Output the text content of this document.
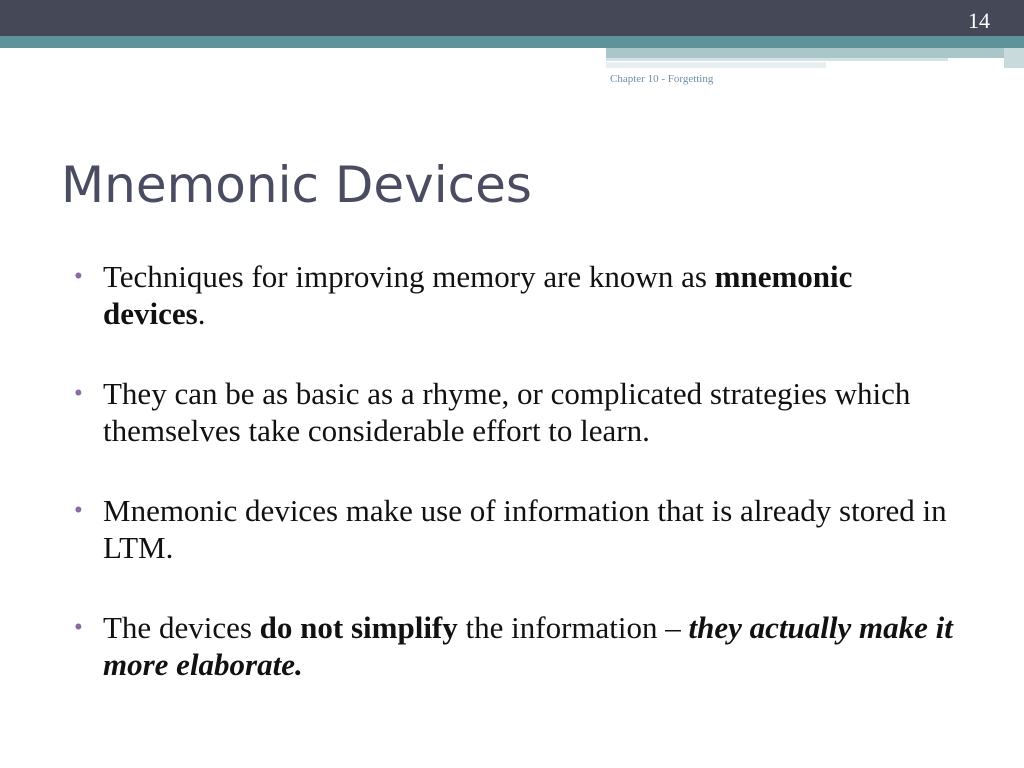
14
Chapter 10 - Forgetting
Mnemonic Devices
• Techniques for improving memory are known as mnemonic devices.
• They can be as basic as a rhyme, or complicated strategies which themselves take considerable effort to learn.
• Mnemonic devices make use of information that is already stored in LTM.
• The devices do not simplify the information – they actually make it more elaborate.
